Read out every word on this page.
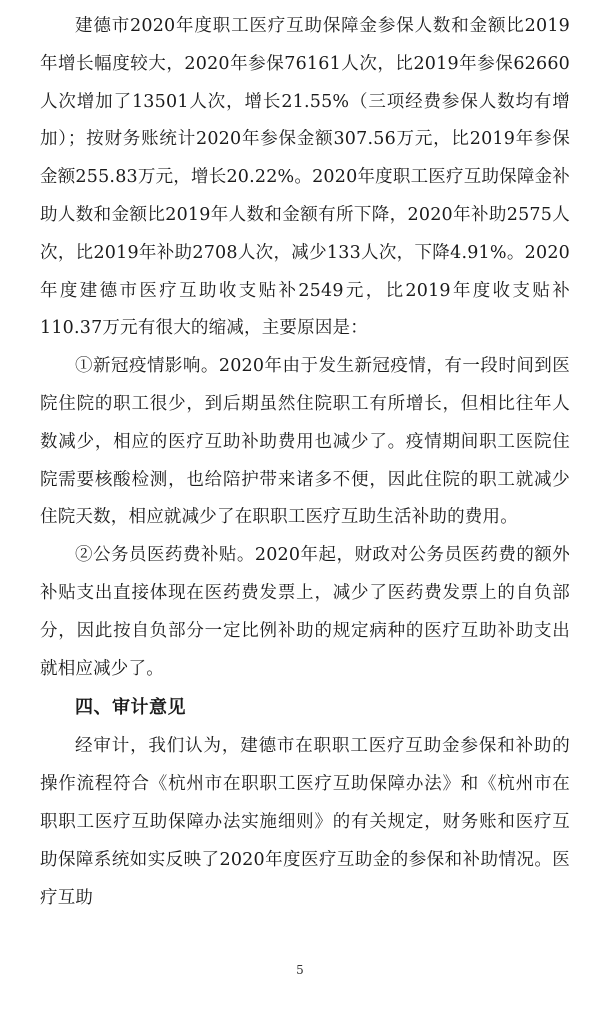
建德市2020年度职工医疗互助保障金参保人数和金额比2019年增长幅度较大，2020年参保76161人次，比2019年参保62660人次增加了13501人次，增长21.55%（三项经费参保人数均有增加）；按财务账统计2020年参保金额307.56万元，比2019年参保金额255.83万元，增长20.22%。2020年度职工医疗互助保障金补助人数和金额比2019年人数和金额有所下降，2020年补助2575人次，比2019年补助2708人次，减少133人次，下降4.91%。2020年度建德市医疗互助收支贴补2549元，比2019年度收支贴补110.37万元有很大的缩减，主要原因是：

①新冠疫情影响。2020年由于发生新冠疫情，有一段时间到医院住院的职工很少，到后期虽然住院职工有所增长，但相比往年人数减少，相应的医疗互助补助费用也减少了。疫情期间职工医院住院需要核酸检测，也给陪护带来诸多不便，因此住院的职工就减少住院天数，相应就减少了在职职工医疗互助生活补助的费用。

②公务员医药费补贴。2020年起，财政对公务员医药费的额外补贴支出直接体现在医药费发票上，减少了医药费发票上的自负部分，因此按自负部分一定比例补助的规定病种的医疗互助补助支出就相应减少了。

四、审计意见

经审计，我们认为，建德市在职职工医疗互助金参保和补助的操作流程符合《杭州市在职职工医疗互助保障办法》和《杭州市在职职工医疗互助保障办法实施细则》的有关规定，财务账和医疗互助保障系统如实反映了2020年度医疗互助金的参保和补助情况。医疗互助

5
